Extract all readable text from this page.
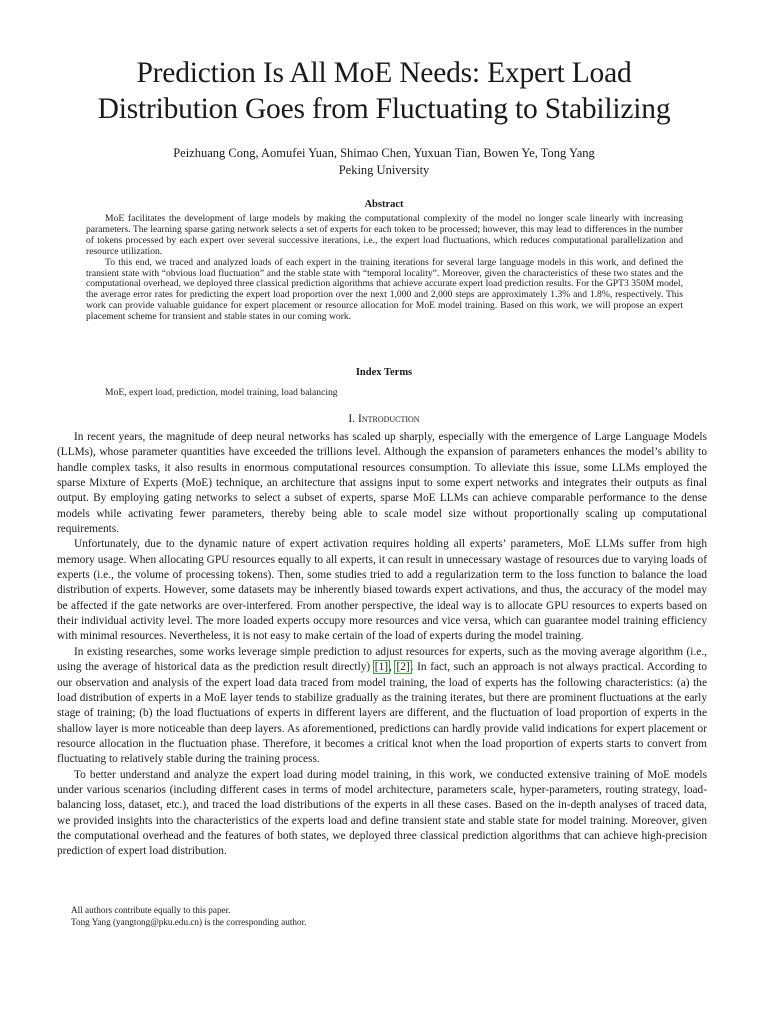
Prediction Is All MoE Needs: Expert Load
Distribution Goes from Fluctuating to Stabilizing
Peizhuang Cong, Aomufei Yuan, Shimao Chen, Yuxuan Tian, Bowen Ye, Tong Yang
Peking University
Abstract

MoE facilitates the development of large models by making the computational complexity of the model no longer scale linearly with increasing parameters. The learning sparse gating network selects a set of experts for each token to be processed; however, this may lead to differences in the number of tokens processed by each expert over several successive iterations, i.e., the expert load fluctuations, which reduces computational parallelization and resource utilization.

To this end, we traced and analyzed loads of each expert in the training iterations for several large language models in this work, and defined the transient state with “obvious load fluctuation” and the stable state with “temporal locality”. Moreover, given the characteristics of these two states and the computational overhead, we deployed three classical prediction algorithms that achieve accurate expert load prediction results. For the GPT3 350M model, the average error rates for predicting the expert load proportion over the next 1,000 and 2,000 steps are approximately 1.3% and 1.8%, respectively. This work can provide valuable guidance for expert placement or resource allocation for MoE model training. Based on this work, we will propose an expert placement scheme for transient and stable states in our coming work.

Index Terms
MoE, expert load, prediction, model training, load balancing
I. Introduction

In recent years, the magnitude of deep neural networks has scaled up sharply, especially with the emergence of Large Language Models (LLMs), whose parameter quantities have exceeded the trillions level. Although the expansion of parameters enhances the model’s ability to handle complex tasks, it also results in enormous computational resources consumption. To alleviate this issue, some LLMs employed the sparse Mixture of Experts (MoE) technique, an architecture that assigns input to some expert networks and integrates their outputs as final output. By employing gating networks to select a subset of experts, sparse MoE LLMs can achieve comparable performance to the dense models while activating fewer parameters, thereby being able to scale model size without proportionally scaling up computational requirements.

Unfortunately, due to the dynamic nature of expert activation requires holding all experts’ parameters, MoE LLMs suffer from high memory usage. When allocating GPU resources equally to all experts, it can result in unnecessary wastage of resources due to varying loads of experts (i.e., the volume of processing tokens). Then, some studies tried to add a regularization term to the loss function to balance the load distribution of experts. However, some datasets may be inherently biased towards expert activations, and thus, the accuracy of the model may be affected if the gate networks are over-interfered. From another perspective, the ideal way is to allocate GPU resources to experts based on their individual activity level. The more loaded experts occupy more resources and vice versa, which can guarantee model training efficiency with minimal resources. Nevertheless, it is not easy to make certain of the load of experts during the model training.

In existing researches, some works leverage simple prediction to adjust resources for experts, such as the moving average algorithm (i.e., using the average of historical data as the prediction result directly) [1], [2]. In fact, such an approach is not always practical. According to our observation and analysis of the expert load data traced from model training, the load of experts has the following characteristics: (a) the load distribution of experts in a MoE layer tends to stabilize gradually as the training iterates, but there are prominent fluctuations at the early stage of training; (b) the load fluctuations of experts in different layers are different, and the fluctuation of load proportion of experts in the shallow layer is more noticeable than deep layers. As aforementioned, predictions can hardly provide valid indications for expert placement or resource allocation in the fluctuation phase. Therefore, it becomes a critical knot when the load proportion of experts starts to convert from fluctuating to relatively stable during the training process.

To better understand and analyze the expert load during model training, in this work, we conducted extensive training of MoE models under various scenarios (including different cases in terms of model architecture, parameters scale, hyper-parameters, routing strategy, load-balancing loss, dataset, etc.), and traced the load distributions of the experts in all these cases. Based on the in-depth analyses of traced data, we provided insights into the characteristics of the experts load and define transient state and stable state for model training. Moreover, given the computational overhead and the features of both states, we deployed three classical prediction algorithms that can achieve high-precision prediction of expert load distribution.

All authors contribute equally to this paper.
Tong Yang (yangtong@pku.edu.cn) is the corresponding author.
